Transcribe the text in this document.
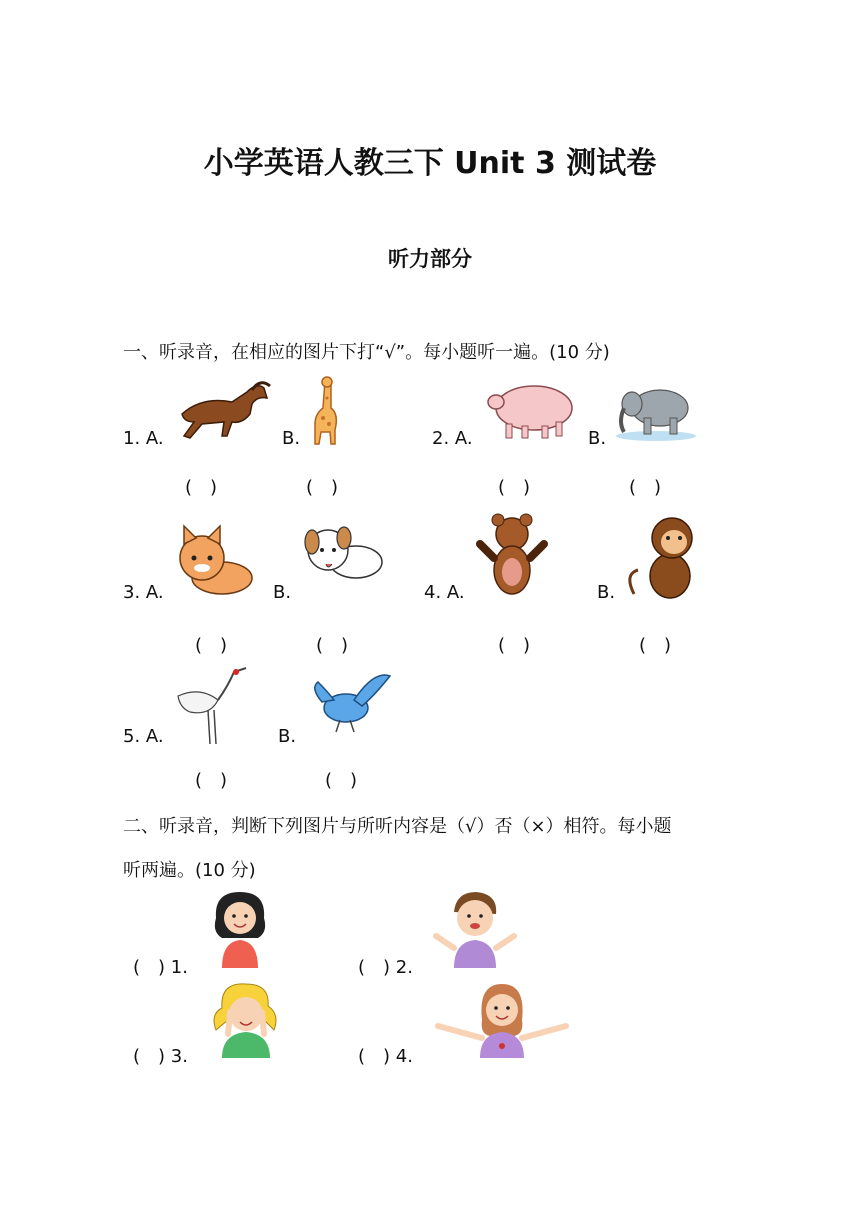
小学英语人教三下 Unit 3 测试卷
听力部分
一、听录音，在相应的图片下打“√”。每小题听一遍。(10 分)
1. A.	B.	2. A.	B.
(　)	(　)	(　)	(　)
3. A.	B.	4. A.	B.
(　)	(　)	(　)	(　)
5. A.	B.
(　)	(　)
二、听录音，判断下列图片与所听内容是（√）否（×）相符。每小题
听两遍。(10 分)
(　) 1.	(　) 2.
(　) 3.	(　) 4.
